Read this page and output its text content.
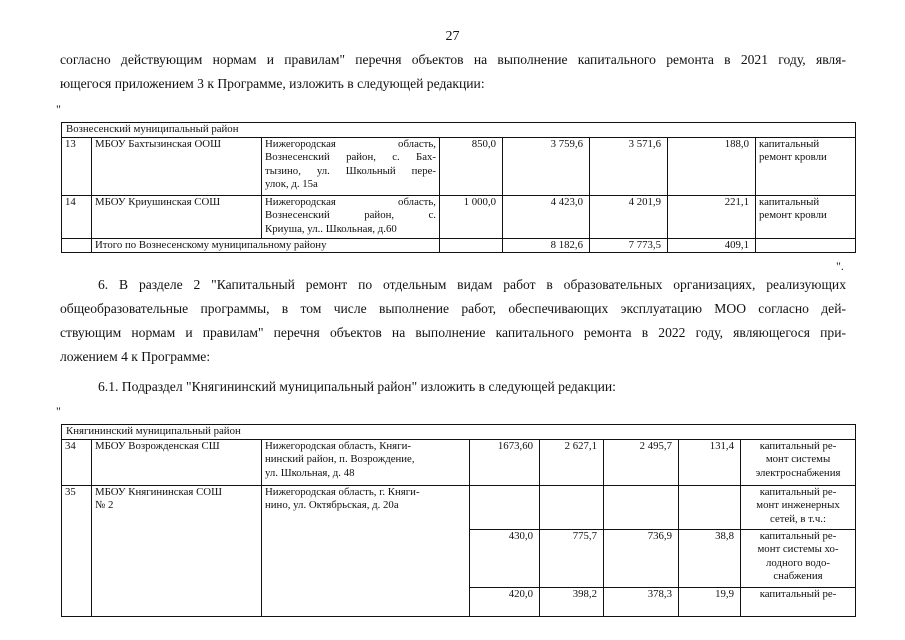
27
согласно действующим нормам и правилам" перечня объектов на выполнение капитального ремонта в 2021 году, явля-
ющегося приложением 3 к Программе, изложить в следующей редакции:
"
Вознесенский муниципальный район							
13	МБОУ Бахтызинская ООШ	Нижегородская область,
Вознесенский район, с. Бах-
тызино, ул. Школьный пере-
улок, д. 15а	850,0	3 759,6	3 571,6	188,0	капитальный
ремонт кровли

14	МБОУ Криушинская СОШ	Нижегородская область,
Вознесенский район, с.
Криуша, ул.. Школьная, д.60	1 000,0	4 423,0	4 201,9	221,1	капитальный
ремонт кровли

	Итого по Вознесенскому муниципальному району			8 182,6	7 773,5	409,1	
".
6. В разделе 2 "Капитальный ремонт по отдельным видам работ в образовательных организациях, реализующих
общеобразовательные программы, в том числе выполнение работ, обеспечивающих эксплуатацию МОО согласно дей-
ствующим нормам и правилам" перечня объектов на выполнение капитального ремонта в 2022 году, являющегося при-
ложением 4 к Программе:
6.1. Подраздел "Княгининский муниципальный район" изложить в следующей редакции:
"
Княгининский муниципальный район							
34	МБОУ Возрожденская СШ	Нижегородская область, Княги-
нинский район, п. Возрождение,
ул. Школьная, д. 48	1673,60	2 627,1	2 495,7	131,4	капитальный ре-
монт системы
электроснабжения

35	МБОУ Княгининская СОШ
№ 2	Нижегородская область, г. Княги-
нино, ул. Октябрьская, д. 20а					капитальный ре-
монт инженерных
сетей, в т.ч.:

			430,0	775,7	736,9	38,8	капитальный ре-
монт системы хо-
лодного водо-
снабжения

			420,0	398,2	378,3	19,9	капитальный ре-
